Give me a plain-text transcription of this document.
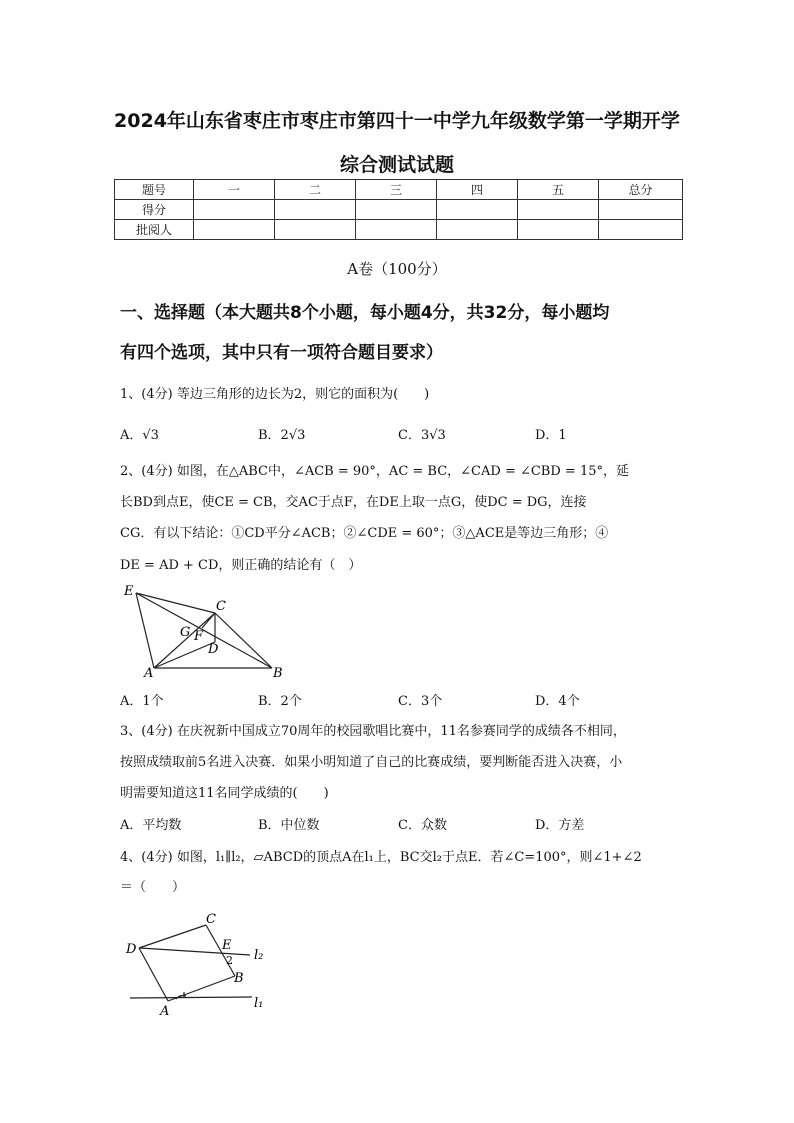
2024年山东省枣庄市枣庄市第四十一中学九年级数学第一学期开学
综合测试试题
题号	一	二	三	四	五	总分
得分						
批阅人						
A卷（100分）
一、选择题（本大题共8个小题，每小题4分，共32分，每小题均
有四个选项，其中只有一项符合题目要求）
1、(4分) 等边三角形的边长为2，则它的面积为(　　)
A．√3	B．2√3	C．3√3	D．1
2、(4分) 如图，在△ABC中，∠ACB = 90°，AC = BC，∠CAD = ∠CBD = 15°，延
长BD到点E，使CE = CB，交AC于点F，在DE上取一点G，使DC = DG，连接
CG．有以下结论：①CD平分∠ACB；②∠CDE = 60°；③△ACE是等边三角形；④
DE = AD + CD，则正确的结论有（　）
E
C
G F
D
A	B
A．1个	B．2个	C．3个	D．4个
3、(4分) 在庆祝新中国成立70周年的校园歌唱比赛中，11名参赛同学的成绩各不相同，
按照成绩取前5名进入决赛．如果小明知道了自己的比赛成绩，要判断能否进入决赛，小
明需要知道这11名同学成绩的(　　)
A．平均数	B．中位数	C．众数	D．方差
4、(4分) 如图，l₁∥l₂，▱ABCD的顶点A在l₁上，BC交l₂于点E．若∠C=100°，则∠1+∠2
＝（　　）
C
D	E
l₂
2
B
A
l₁
